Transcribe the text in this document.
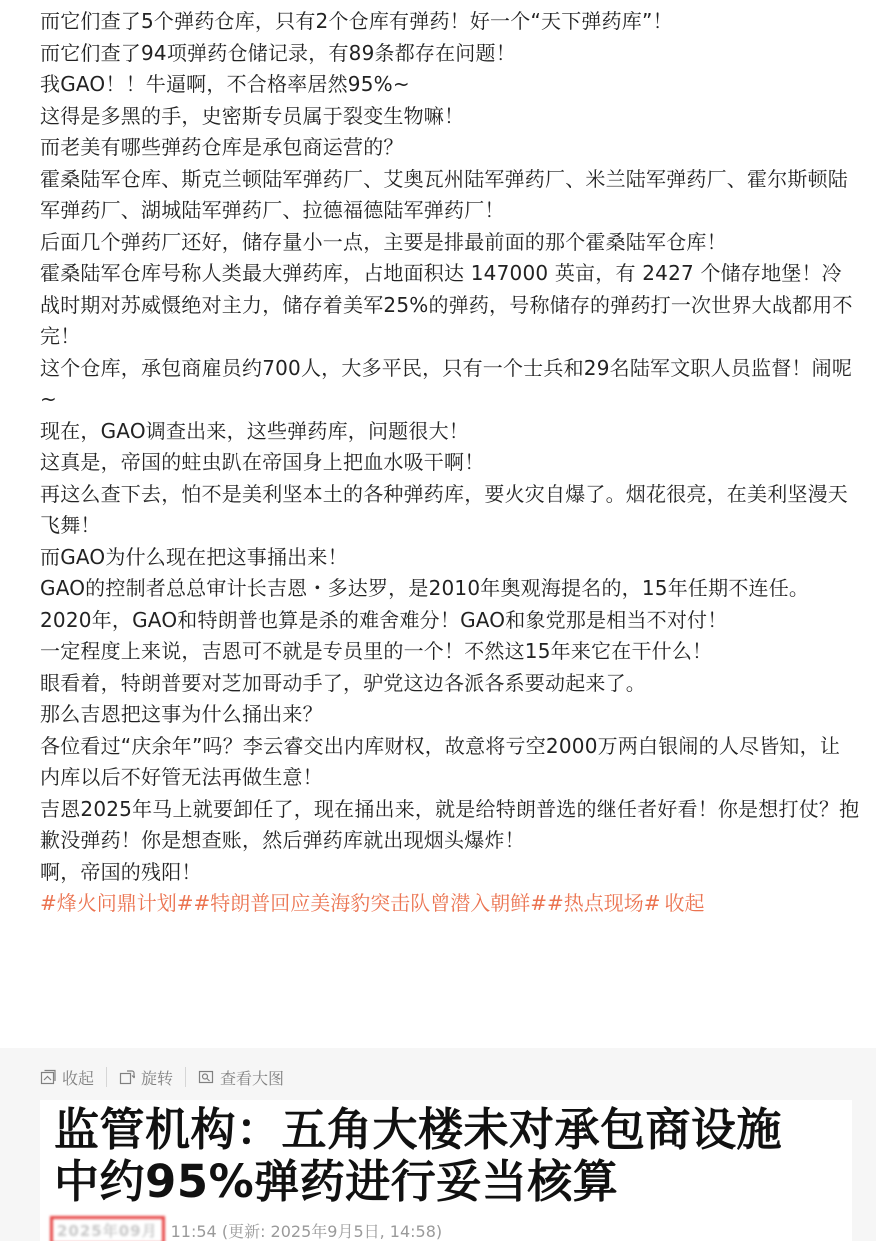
而它们查了5个弹药仓库，只有2个仓库有弹药！好一个“天下弹药库”！

而它们查了94项弹药仓储记录，有89条都存在问题！

我GAO！！牛逼啊，不合格率居然95%~

这得是多黑的手，史密斯专员属于裂变生物嘛！

而老美有哪些弹药仓库是承包商运营的？

霍桑陆军仓库、斯克兰顿陆军弹药厂、艾奥瓦州陆军弹药厂、米兰陆军弹药厂、霍尔斯顿陆军弹药厂、湖城陆军弹药厂、拉德福德陆军弹药厂！

后面几个弹药厂还好，储存量小一点，主要是排最前面的那个霍桑陆军仓库！

霍桑陆军仓库号称人类最大弹药库，占地面积达 147000 英亩，有 2427 个储存地堡！冷战时期对苏威慑绝对主力，储存着美军25%的弹药，号称储存的弹药打一次世界大战都用不完！

这个仓库，承包商雇员约700人，大多平民，只有一个士兵和29名陆军文职人员监督！闹呢~

现在，GAO调查出来，这些弹药库，问题很大！

这真是，帝国的蛀虫趴在帝国身上把血水吸干啊！

再这么查下去，怕不是美利坚本土的各种弹药库，要火灾自爆了。烟花很亮，在美利坚漫天飞舞！

而GAO为什么现在把这事捅出来！

GAO的控制者总总审计长吉恩・多达罗，是2010年奥观海提名的，15年任期不连任。2020年，GAO和特朗普也算是杀的难舍难分！GAO和象党那是相当不对付！

一定程度上来说，吉恩可不就是专员里的一个！不然这15年来它在干什么！

眼看着，特朗普要对芝加哥动手了，驴党这边各派各系要动起来了。

那么吉恩把这事为什么捅出来？

各位看过“庆余年”吗？李云睿交出内库财权，故意将亏空2000万两白银闹的人尽皆知，让内库以后不好管无法再做生意！

吉恩2025年马上就要卸任了，现在捅出来，就是给特朗普选的继任者好看！你是想打仗？抱歉没弹药！你是想查账，然后弹药库就出现烟头爆炸！

啊，帝国的残阳！

#烽火问鼎计划##特朗普回应美海豹突击队曾潜入朝鲜##热点现场# 收起

收起	旋转	查看大图
监管机构：五角大楼未对承包商设施
中约95%弹药进行妥当核算
2025年09月 11:54 (更新: 2025年9月5日, 14:58)
